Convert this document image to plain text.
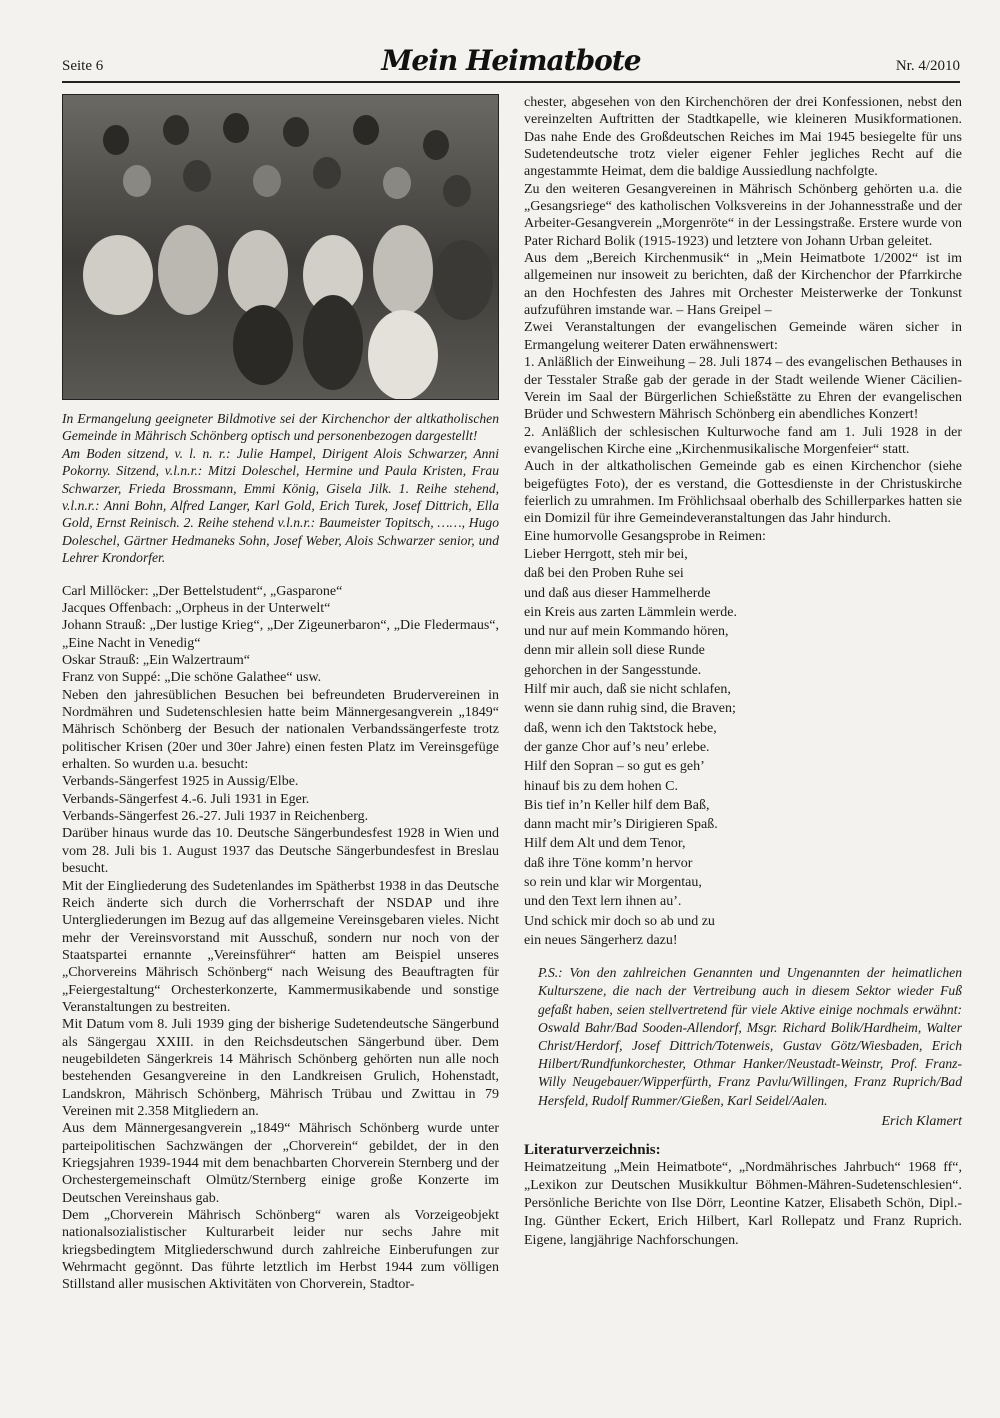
Seite 6	Mein Heimatbote	Nr. 4/2010

In Ermangelung geeigneter Bildmotive sei der Kirchenchor der altkatholischen Gemeinde in Mährisch Schönberg optisch und personenbezogen dargestellt!

Am Boden sitzend, v. l. n. r.: Julie Hampel, Dirigent Alois Schwarzer, Anni Pokorny. Sitzend, v.l.n.r.: Mitzi Doleschel, Hermine und Paula Kristen, Frau Schwarzer, Frieda Brossmann, Emmi König, Gisela Jilk. 1. Reihe stehend, v.l.n.r.: Anni Bohn, Alfred Langer, Karl Gold, Erich Turek, Josef Dittrich, Ella Gold, Ernst Reinisch. 2. Reihe stehend v.l.n.r.: Baumeister Topitsch, ……, Hugo Doleschel, Gärtner Hedmaneks Sohn, Josef Weber, Alois Schwarzer senior, und Lehrer Krondorfer.

Carl Millöcker: „Der Bettelstudent“, „Gasparone“

Jacques Offenbach: „Orpheus in der Unterwelt“

Johann Strauß: „Der lustige Krieg“, „Der Zigeunerbaron“, „Die Fledermaus“, „Eine Nacht in Venedig“

Oskar Strauß: „Ein Walzertraum“

Franz von Suppé: „Die schöne Galathee“ usw.

Neben den jahresüblichen Besuchen bei befreundeten Brudervereinen in Nordmähren und Sudetenschlesien hatte beim Männergesangverein „1849“ Mährisch Schönberg der Besuch der nationalen Verbandssängerfeste trotz politischer Krisen (20er und 30er Jahre) einen festen Platz im Vereinsgefüge erhalten. So wurden u.a. besucht:

Verbands-Sängerfest 1925 in Aussig/Elbe.

Verbands-Sängerfest 4.-6. Juli 1931 in Eger.

Verbands-Sängerfest 26.-27. Juli 1937 in Reichenberg.

Darüber hinaus wurde das 10. Deutsche Sängerbundesfest 1928 in Wien und vom 28. Juli bis 1. August 1937 das Deutsche Sängerbundesfest in Breslau besucht.

Mit der Eingliederung des Sudetenlandes im Spätherbst 1938 in das Deutsche Reich änderte sich durch die Vorherrschaft der NSDAP und ihre Untergliederungen im Bezug auf das allgemeine Vereinsgebaren vieles. Nicht mehr der Vereinsvorstand mit Ausschuß, sondern nur noch von der Staatspartei ernannte „Vereinsführer“ hatten am Beispiel unseres „Chorvereins Mährisch Schönberg“ nach Weisung des Beauftragten für „Feiergestaltung“ Orchesterkonzerte, Kammermusikabende und sonstige Veranstaltungen zu bestreiten.

Mit Datum vom 8. Juli 1939 ging der bisherige Sudetendeutsche Sängerbund als Sängergau XXIII. in den Reichsdeutschen Sängerbund über. Dem neugebildeten Sängerkreis 14 Mährisch Schönberg gehörten nun alle noch bestehenden Gesangvereine in den Landkreisen Grulich, Hohenstadt, Landskron, Mährisch Schönberg, Mährisch Trübau und Zwittau in 79 Vereinen mit 2.358 Mitgliedern an.

Aus dem Männergesangverein „1849“ Mährisch Schönberg wurde unter parteipolitischen Sachzwängen der „Chorverein“ gebildet, der in den Kriegsjahren 1939-1944 mit dem benachbarten Chorverein Sternberg und der Orchestergemeinschaft Olmütz/Sternberg einige große Konzerte im Deutschen Vereinshaus gab.

Dem „Chorverein Mährisch Schönberg“ waren als Vorzeigeobjekt nationalsozialistischer Kulturarbeit leider nur sechs Jahre mit kriegsbedingtem Mitgliederschwund durch zahlreiche Einberufungen zur Wehrmacht gegönnt. Das führte letztlich im Herbst 1944 zum völligen Stillstand aller musischen Aktivitäten von Chorverein, Stadtor-

chester, abgesehen von den Kirchenchören der drei Konfessionen, nebst den vereinzelten Auftritten der Stadtkapelle, wie kleineren Musikformationen. Das nahe Ende des Großdeutschen Reiches im Mai 1945 besiegelte für uns Sudetendeutsche trotz vieler eigener Fehler jegliches Recht auf die angestammte Heimat, dem die baldige Aussiedlung nachfolgte.

Zu den weiteren Gesangvereinen in Mährisch Schönberg gehörten u.a. die „Gesangsriege“ des katholischen Volksvereins in der Johannesstraße und der Arbeiter-Gesangverein „Morgenröte“ in der Lessingstraße. Erstere wurde von Pater Richard Bolik (1915-1923) und letztere von Johann Urban geleitet.

Aus dem „Bereich Kirchenmusik“ in „Mein Heimatbote 1/2002“ ist im allgemeinen nur insoweit zu berichten, daß der Kirchenchor der Pfarrkirche an den Hochfesten des Jahres mit Orchester Meisterwerke der Tonkunst aufzuführen imstande war. – Hans Greipel –

Zwei Veranstaltungen der evangelischen Gemeinde wären sicher in Ermangelung weiterer Daten erwähnenswert:

1. Anläßlich der Einweihung – 28. Juli 1874 – des evangelischen Bethauses in der Tesstaler Straße gab der gerade in der Stadt weilende Wiener Cäcilien-Verein im Saal der Bürgerlichen Schießstätte zu Ehren der evangelischen Brüder und Schwestern Mährisch Schönberg ein abendliches Konzert!

2. Anläßlich der schlesischen Kulturwoche fand am 1. Juli 1928 in der evangelischen Kirche eine „Kirchenmusikalische Morgenfeier“ statt.

Auch in der altkatholischen Gemeinde gab es einen Kirchenchor (siehe beigefügtes Foto), der es verstand, die Gottesdienste in der Christuskirche feierlich zu umrahmen. Im Fröhlichsaal oberhalb des Schillerparkes hatten sie ein Domizil für ihre Gemeindeveranstaltungen das Jahr hindurch.

Eine humorvolle Gesangsprobe in Reimen:

Lieber Herrgott, steh mir bei,
daß bei den Proben Ruhe sei
und daß aus dieser Hammelherde
ein Kreis aus zarten Lämmlein werde.
und nur auf mein Kommando hören,
denn mir allein soll diese Runde
gehorchen in der Sangesstunde.
Hilf mir auch, daß sie nicht schlafen,
wenn sie dann ruhig sind, die Braven;
daß, wenn ich den Taktstock hebe,
der ganze Chor auf’s neu’ erlebe.
Hilf den Sopran – so gut es geh’
hinauf bis zu dem hohen C.
Bis tief in’n Keller hilf dem Baß,
dann macht mir’s Dirigieren Spaß.
Hilf dem Alt und dem Tenor,
daß ihre Töne komm’n hervor
so rein und klar wir Morgentau,
und den Text lern ihnen au’.
Und schick mir doch so ab und zu
ein neues Sängerherz dazu!
P.S.: Von den zahlreichen Genannten und Ungenannten der heimatlichen Kulturszene, die nach der Vertreibung auch in diesem Sektor wieder Fuß gefaßt haben, seien stellvertretend für viele Aktive einige nochmals erwähnt: Oswald Bahr/Bad Sooden-Allendorf, Msgr. Richard Bolik/Hardheim, Walter Christ/Herdorf, Josef Dittrich/Totenweis, Gustav Götz/Wiesbaden, Erich Hilbert/Rundfunkorchester, Othmar Hanker/Neustadt-Weinstr, Prof. Franz-Willy Neugebauer/Wipperfürth, Franz Pavlu/Willingen, Franz Ruprich/Bad Hersfeld, Rudolf Rummer/Gießen, Karl Seidel/Aalen.
Erich Klamert
Literaturverzeichnis:
Heimatzeitung „Mein Heimatbote“, „Nordmährisches Jahrbuch“ 1968 ff“, „Lexikon zur Deutschen Musikkultur Böhmen-Mähren-Sudetenschlesien“. Persönliche Berichte von Ilse Dörr, Leontine Katzer, Elisabeth Schön, Dipl.-Ing. Günther Eckert, Erich Hilbert, Karl Rollepatz und Franz Ruprich. Eigene, langjährige Nachforschungen.
